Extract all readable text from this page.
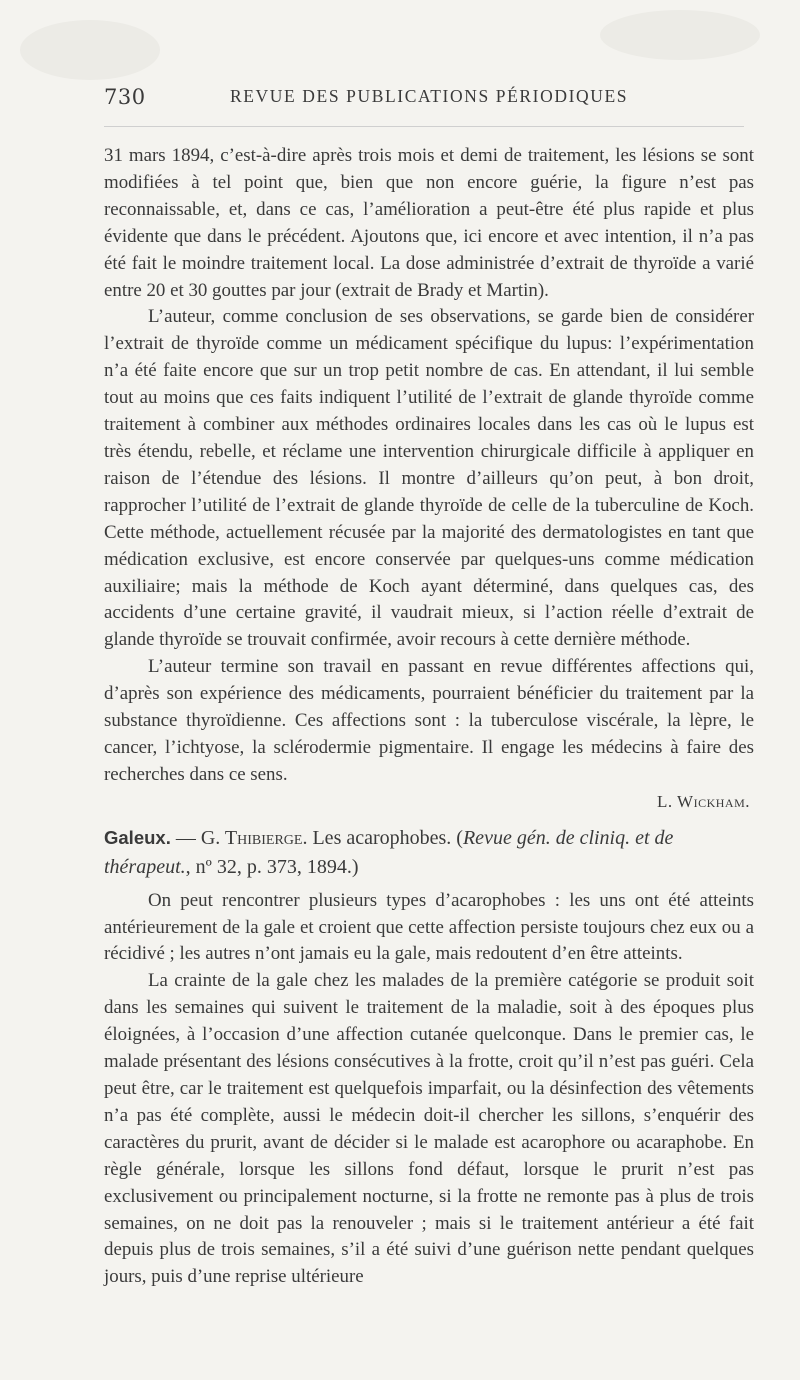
730	REVUE DES PUBLICATIONS PÉRIODIQUES

31 mars 1894, c’est-à-dire après trois mois et demi de traitement, les lésions se sont modifiées à tel point que, bien que non encore guérie, la figure n’est pas reconnaissable, et, dans ce cas, l’amélioration a peut-être été plus rapide et plus évidente que dans le précédent. Ajoutons que, ici encore et avec intention, il n’a pas été fait le moindre traitement local. La dose administrée d’extrait de thyroïde a varié entre 20 et 30 gouttes par jour (extrait de Brady et Martin).

L’auteur, comme conclusion de ses observations, se garde bien de considérer l’extrait de thyroïde comme un médicament spécifique du lupus: l’expérimentation n’a été faite encore que sur un trop petit nombre de cas. En attendant, il lui semble tout au moins que ces faits indiquent l’utilité de l’extrait de glande thyroïde comme traitement à combiner aux méthodes ordinaires locales dans les cas où le lupus est très étendu, rebelle, et réclame une intervention chirurgicale difficile à appliquer en raison de l’étendue des lésions. Il montre d’ailleurs qu’on peut, à bon droit, rapprocher l’utilité de l’extrait de glande thyroïde de celle de la tuberculine de Koch. Cette méthode, actuellement récusée par la majorité des dermatologistes en tant que médication exclusive, est encore conservée par quelques-uns comme médication auxiliaire; mais la méthode de Koch ayant déterminé, dans quelques cas, des accidents d’une certaine gravité, il vaudrait mieux, si l’action réelle d’extrait de glande thyroïde se trouvait confirmée, avoir recours à cette dernière méthode.

L’auteur termine son travail en passant en revue différentes affections qui, d’après son expérience des médicaments, pourraient bénéficier du traitement par la substance thyroïdienne. Ces affections sont : la tuberculose viscérale, la lèpre, le cancer, l’ichtyose, la sclérodermie pigmentaire. Il engage les médecins à faire des recherches dans ce sens.

L. Wickham.

Galeux. — G. Thibierge. Les acarophobes. (Revue gén. de cliniq. et de thérapeut., nº 32, p. 373, 1894.)

On peut rencontrer plusieurs types d’acarophobes : les uns ont été atteints antérieurement de la gale et croient que cette affection persiste toujours chez eux ou a récidivé ; les autres n’ont jamais eu la gale, mais redoutent d’en être atteints.

La crainte de la gale chez les malades de la première catégorie se produit soit dans les semaines qui suivent le traitement de la maladie, soit à des époques plus éloignées, à l’occasion d’une affection cutanée quelconque. Dans le premier cas, le malade présentant des lésions consécutives à la frotte, croit qu’il n’est pas guéri. Cela peut être, car le traitement est quelquefois imparfait, ou la désinfection des vêtements n’a pas été complète, aussi le médecin doit-il chercher les sillons, s’enquérir des caractères du prurit, avant de décider si le malade est acarophore ou acaraphobe. En règle générale, lorsque les sillons fond défaut, lorsque le prurit n’est pas exclusivement ou principalement nocturne, si la frotte ne remonte pas à plus de trois semaines, on ne doit pas la renouveler ; mais si le traitement antérieur a été fait depuis plus de trois semaines, s’il a été suivi d’une guérison nette pendant quelques jours, puis d’une reprise ultérieure
